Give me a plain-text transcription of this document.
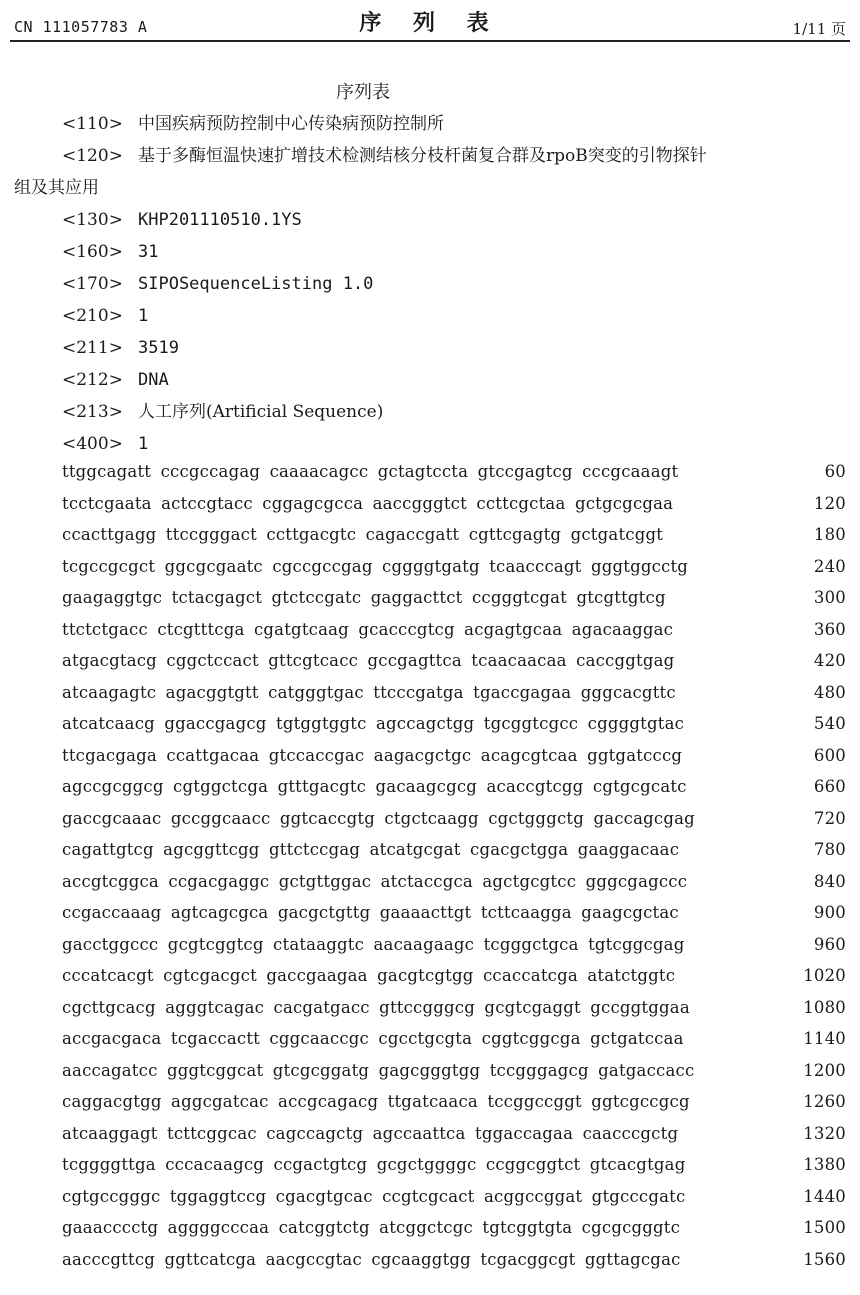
CN 111057783 A	序 列 表	1/11 页
序列表
<110> 中国疾病预防控制中心传染病预防控制所
<120> 基于多酶恒温快速扩增技术检测结核分枝杆菌复合群及rpoB突变的引物探针
组及其应用
<130> KHP201110510.1YS
<160> 31
<170> SIPOSequenceListing 1.0
<210> 1
<211> 3519
<212> DNA
<213> 人工序列(Artificial Sequence)
<400> 1
ttggcagatt cccgccagag caaaacagcc gctagtccta gtccgagtcg cccgcaaagt	60
tcctcgaata actccgtacc cggagcgcca aaccgggtct ccttcgctaa gctgcgcgaa	120
ccacttgagg ttccgggact ccttgacgtc cagaccgatt cgttcgagtg gctgatcggt	180
tcgccgcgct ggcgcgaatc cgccgccgag cggggtgatg tcaacccagt gggtggcctg	240
gaagaggtgc tctacgagct gtctccgatc gaggacttct ccgggtcgat gtcgttgtcg	300
ttctctgacc ctcgtttcga cgatgtcaag gcacccgtcg acgagtgcaa agacaaggac	360
atgacgtacg cggctccact gttcgtcacc gccgagttca tcaacaacaa caccggtgag	420
atcaagagtc agacggtgtt catgggtgac ttcccgatga tgaccgagaa gggcacgttc	480
atcatcaacg ggaccgagcg tgtggtggtc agccagctgg tgcggtcgcc cggggtgtac	540
ttcgacgaga ccattgacaa gtccaccgac aagacgctgc acagcgtcaa ggtgatcccg	600
agccgcggcg cgtggctcga gtttgacgtc gacaagcgcg acaccgtcgg cgtgcgcatc	660
gaccgcaaac gccggcaacc ggtcaccgtg ctgctcaagg cgctgggctg gaccagcgag	720
cagattgtcg agcggttcgg gttctccgag atcatgcgat cgacgctgga gaaggacaac	780
accgtcggca ccgacgaggc gctgttggac atctaccgca agctgcgtcc gggcgagccc	840
ccgaccaaag agtcagcgca gacgctgttg gaaaacttgt tcttcaagga gaagcgctac	900
gacctggccc gcgtcggtcg ctataaggtc aacaagaagc tcgggctgca tgtcggcgag	960
cccatcacgt cgtcgacgct gaccgaagaa gacgtcgtgg ccaccatcga atatctggtc	1020
cgcttgcacg agggtcagac cacgatgacc gttccgggcg gcgtcgaggt gccggtggaa	1080
accgacgaca tcgaccactt cggcaaccgc cgcctgcgta cggtcggcga gctgatccaa	1140
aaccagatcc gggtcggcat gtcgcggatg gagcgggtgg tccgggagcg gatgaccacc	1200
caggacgtgg aggcgatcac accgcagacg ttgatcaaca tccggccggt ggtcgccgcg	1260
atcaaggagt tcttcggcac cagccagctg agccaattca tggaccagaa caacccgctg	1320
tcggggttga cccacaagcg ccgactgtcg gcgctggggc ccggcggtct gtcacgtgag	1380
cgtgccgggc tggaggtccg cgacgtgcac ccgtcgcact acggccggat gtgcccgatc	1440
gaaacccctg aggggcccaa catcggtctg atcggctcgc tgtcggtgta cgcgcgggtc	1500
aacccgttcg ggttcatcga aacgccgtac cgcaaggtgg tcgacggcgt ggttagcgac	1560
